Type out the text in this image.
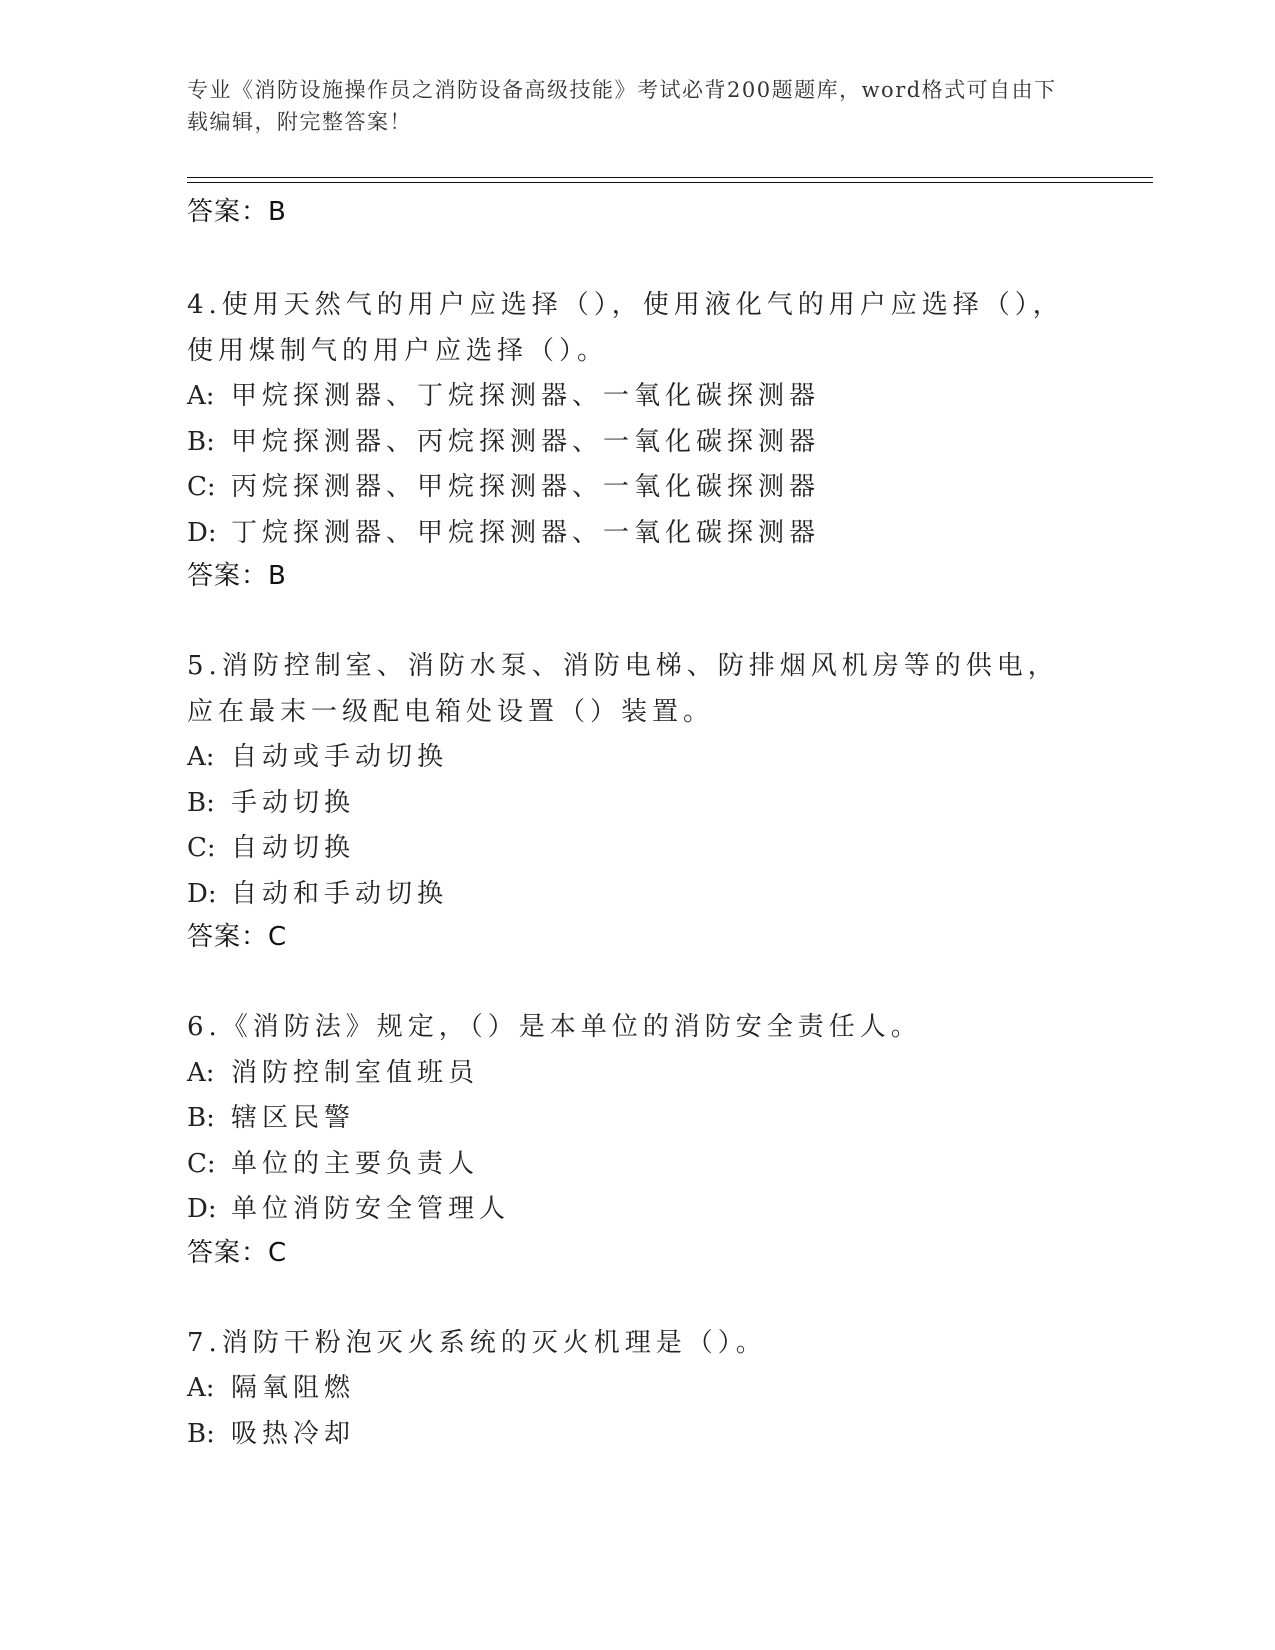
专业《消防设施操作员之消防设备高级技能》考试必背200题题库，word格式可自由下载编辑，附完整答案！
答案：B
4.使用天然气的用户应选择（），使用液化气的用户应选择（），使用煤制气的用户应选择（）。
A: 甲烷探测器、丁烷探测器、一氧化碳探测器
B: 甲烷探测器、丙烷探测器、一氧化碳探测器
C: 丙烷探测器、甲烷探测器、一氧化碳探测器
D: 丁烷探测器、甲烷探测器、一氧化碳探测器
答案：B
5.消防控制室、消防水泵、消防电梯、防排烟风机房等的供电，应在最末一级配电箱处设置（）装置。
A: 自动或手动切换
B: 手动切换
C: 自动切换
D: 自动和手动切换
答案：C
6.《消防法》规定，（）是本单位的消防安全责任人。
A: 消防控制室值班员
B: 辖区民警
C: 单位的主要负责人
D: 单位消防安全管理人
答案：C
7.消防干粉泡灭火系统的灭火机理是（）。
A: 隔氧阻燃
B: 吸热冷却
